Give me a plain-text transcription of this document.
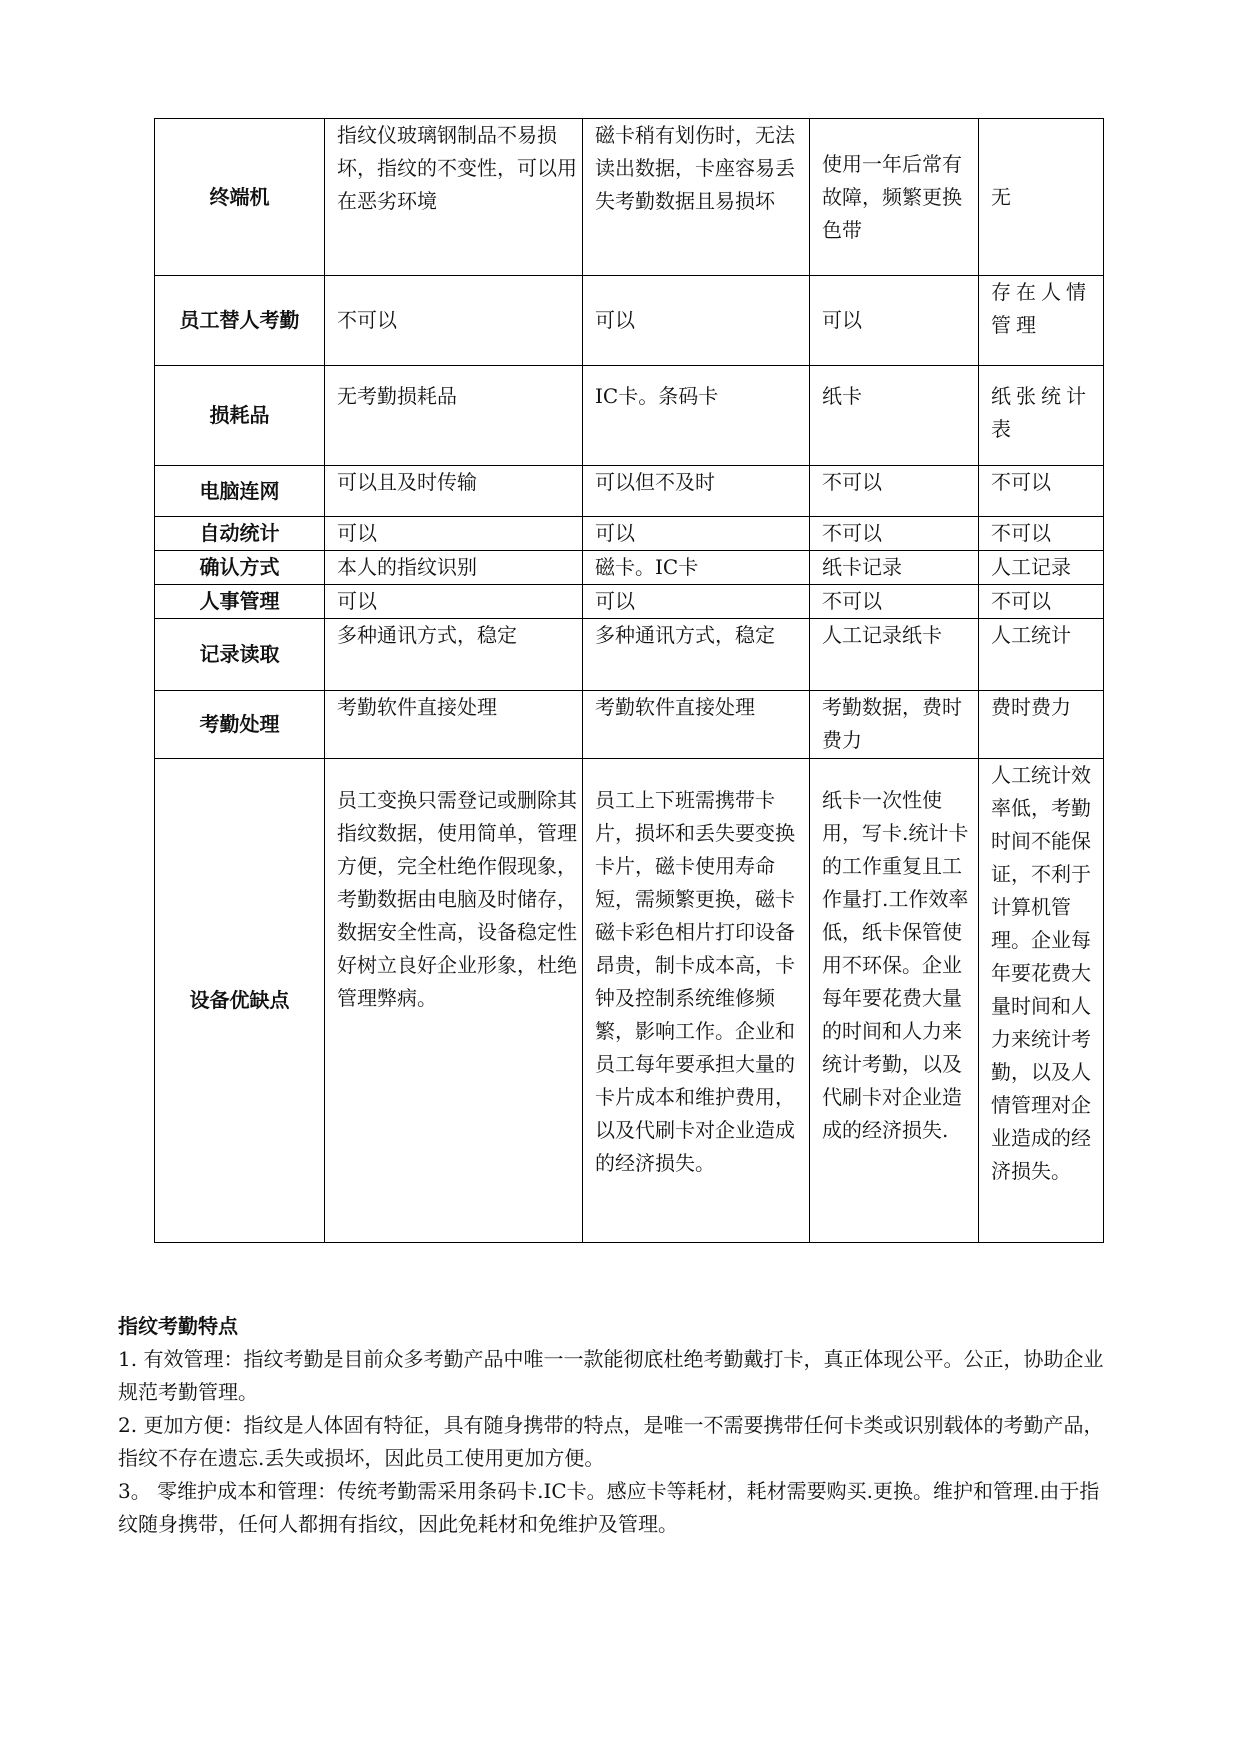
终端机	指纹仪玻璃钢制品不易损坏，指纹的不变性，可以用在恶劣环境	磁卡稍有划伤时，无法读出数据，卡座容易丢失考勤数据且易损坏	使用一年后常有故障，频繁更换色带	无
员工替人考勤	不可以	可以	可以	存在人情管理
损耗品	无考勤损耗品	IC卡。条码卡	纸卡	纸张统计表
电脑连网	可以且及时传输	可以但不及时	不可以	不可以
自动统计	可以	可以	不可以	不可以
确认方式	本人的指纹识别	磁卡。IC卡	纸卡记录	人工记录
人事管理	可以	可以	不可以	不可以
记录读取	多种通讯方式，稳定	多种通讯方式，稳定	人工记录纸卡	人工统计
考勤处理	考勤软件直接处理	考勤软件直接处理	考勤数据，费时费力	费时费力
设备优缺点	员工变换只需登记或删除其指纹数据，使用简单，管理方便，完全杜绝作假现象，考勤数据由电脑及时储存，数据安全性高，设备稳定性好树立良好企业形象，杜绝管理弊病。	员工上下班需携带卡片，损坏和丢失要变换卡片，磁卡使用寿命短，需频繁更换，磁卡磁卡彩色相片打印设备昂贵，制卡成本高，卡钟及控制系统维修频繁，影响工作。企业和员工每年要承担大量的卡片成本和维护费用，以及代刷卡对企业造成的经济损失。	纸卡一次性使用，写卡.统计卡的工作重复且工作量打.工作效率低，纸卡保管使用不环保。企业每年要花费大量的时间和人力来统计考勤，以及代刷卡对企业造成的经济损失.	人工统计效率低，考勤时间不能保证，不利于计算机管理。企业每年要花费大量时间和人力来统计考勤，以及人情管理对企业造成的经济损失。
指纹考勤特点

1. 有效管理：指纹考勤是目前众多考勤产品中唯一一款能彻底杜绝考勤戴打卡，真正体现公平。公正，协助企业规范考勤管理。

2. 更加方便：指纹是人体固有特征，具有随身携带的特点，是唯一不需要携带任何卡类或识别载体的考勤产品，指纹不存在遗忘.丢失或损坏，因此员工使用更加方便。

3。 零维护成本和管理：传统考勤需采用条码卡.IC卡。感应卡等耗材，耗材需要购买.更换。维护和管理.由于指纹随身携带，任何人都拥有指纹，因此免耗材和免维护及管理。
